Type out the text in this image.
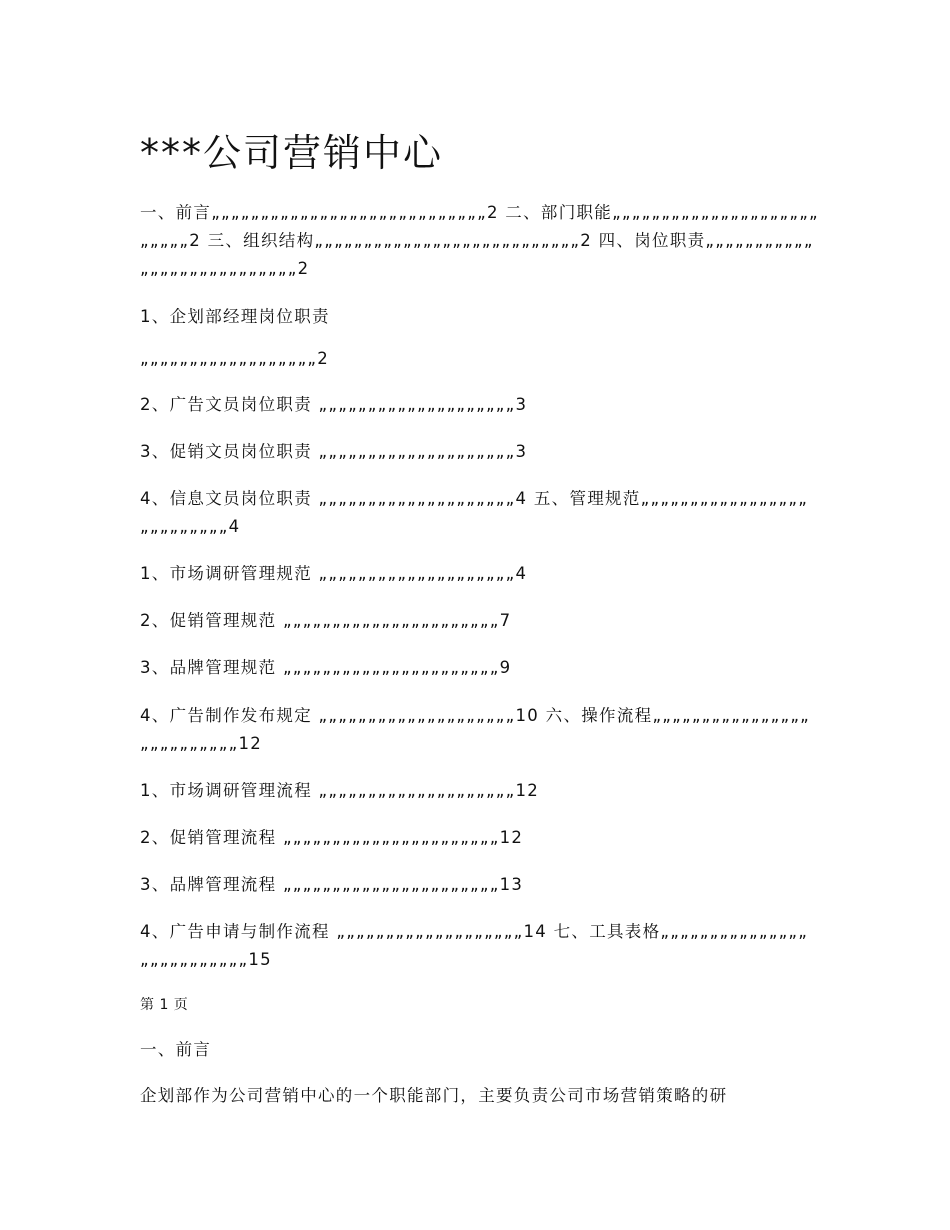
***公司营销中心
一、前言„„„„„„„„„„„„„„„„„„„„„„„„„„„„2 二、部门职能„„„„„„„„„„„„„„„„„„„„„
„„„„„2 三、组织结构„„„„„„„„„„„„„„„„„„„„„„„„„„„2 四、岗位职责„„„„„„„„„„„
„„„„„„„„„„„„„„„„2
1、企划部经理岗位职责
„„„„„„„„„„„„„„„„„„2
2、广告文员岗位职责 „„„„„„„„„„„„„„„„„„„„3
3、促销文员岗位职责 „„„„„„„„„„„„„„„„„„„„3
4、信息文员岗位职责 „„„„„„„„„„„„„„„„„„„„4 五、管理规范„„„„„„„„„„„„„„„„„
„„„„„„„„„4
1、市场调研管理规范 „„„„„„„„„„„„„„„„„„„„4
2、促销管理规范 „„„„„„„„„„„„„„„„„„„„„„7
3、品牌管理规范 „„„„„„„„„„„„„„„„„„„„„„9
4、广告制作发布规定 „„„„„„„„„„„„„„„„„„„„10 六、操作流程„„„„„„„„„„„„„„„„
„„„„„„„„„„12
1、市场调研管理流程 „„„„„„„„„„„„„„„„„„„„12
2、促销管理流程 „„„„„„„„„„„„„„„„„„„„„„12
3、品牌管理流程 „„„„„„„„„„„„„„„„„„„„„„13
4、广告申请与制作流程 „„„„„„„„„„„„„„„„„„„14 七、工具表格„„„„„„„„„„„„„„„
„„„„„„„„„„„15
第 1 页
一、前言
企划部作为公司营销中心的一个职能部门，主要负责公司市场营销策略的研
